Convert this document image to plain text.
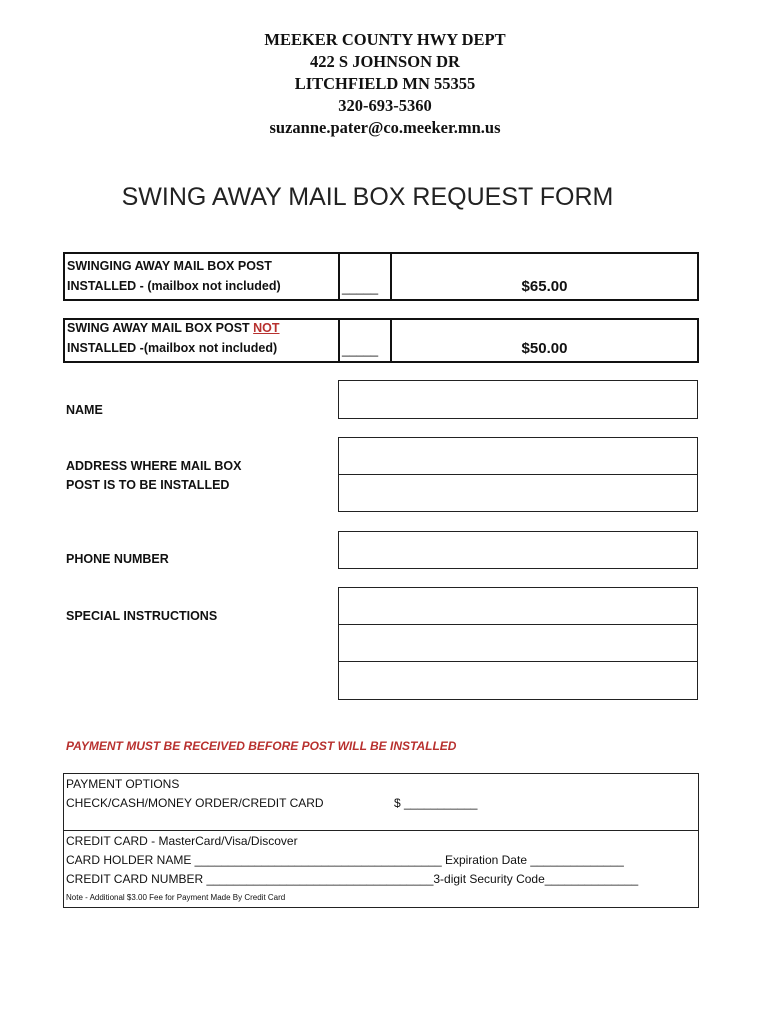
MEEKER COUNTY HWY DEPT
422 S JOHNSON DR
LITCHFIELD MN 55355
320-693-5360
suzanne.pater@co.meeker.mn.us
SWING AWAY MAIL BOX REQUEST FORM
SWINGING AWAY MAIL BOX POST
INSTALLED - (mailbox not included)	_____	$65.00
SWING AWAY MAIL BOX POST NOT
INSTALLED -(mailbox not included)	_____	$50.00
NAME
ADDRESS WHERE MAIL BOX
POST IS TO BE INSTALLED
PHONE NUMBER
SPECIAL INSTRUCTIONS
PAYMENT MUST BE RECEIVED BEFORE POST WILL BE INSTALLED
PAYMENT OPTIONS
CHECK/CASH/MONEY ORDER/CREDIT CARD	$ ___________
CREDIT CARD - MasterCard/Visa/Discover
CARD HOLDER NAME _____________________________________ Expiration Date ______________
CREDIT CARD NUMBER __________________________________3-digit Security Code______________
Note - Additional $3.00 Fee for Payment Made By Credit Card
